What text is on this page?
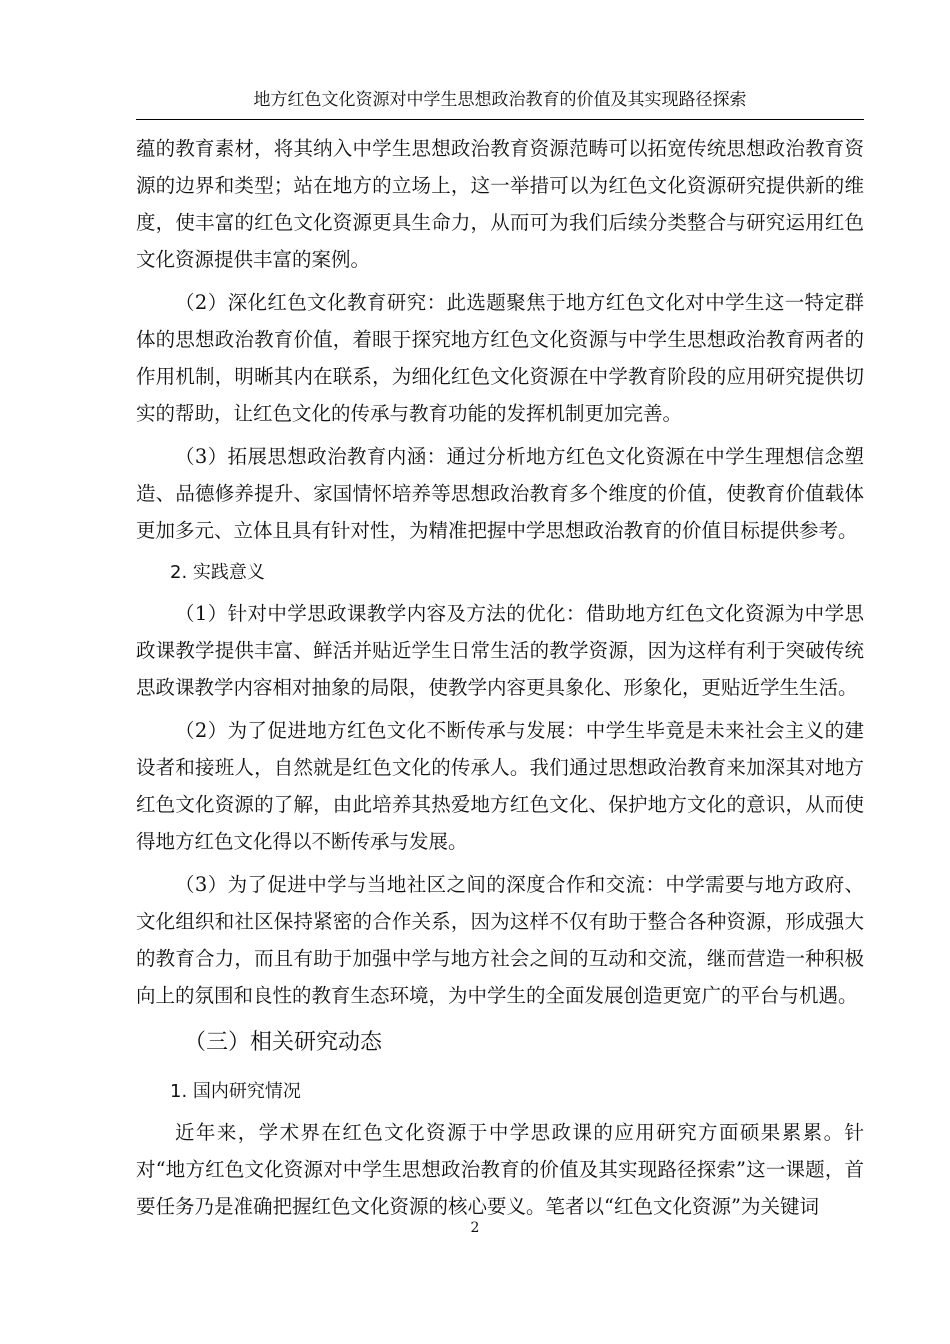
地方红色文化资源对中学生思想政治教育的价值及其实现路径探索

蕴的教育素材，将其纳入中学生思想政治教育资源范畴可以拓宽传统思想政治教育资源的边界和类型；站在地方的立场上，这一举措可以为红色文化资源研究提供新的维度，使丰富的红色文化资源更具生命力，从而可为我们后续分类整合与研究运用红色文化资源提供丰富的案例。

（2）深化红色文化教育研究：此选题聚焦于地方红色文化对中学生这一特定群体的思想政治教育价值，着眼于探究地方红色文化资源与中学生思想政治教育两者的作用机制，明晰其内在联系，为细化红色文化资源在中学教育阶段的应用研究提供切实的帮助，让红色文化的传承与教育功能的发挥机制更加完善。

（3）拓展思想政治教育内涵：通过分析地方红色文化资源在中学生理想信念塑造、品德修养提升、家国情怀培养等思想政治教育多个维度的价值，使教育价值载体更加多元、立体且具有针对性，为精准把握中学思想政治教育的价值目标提供参考。

2. 实践意义

（1）针对中学思政课教学内容及方法的优化：借助地方红色文化资源为中学思政课教学提供丰富、鲜活并贴近学生日常生活的教学资源，因为这样有利于突破传统思政课教学内容相对抽象的局限，使教学内容更具象化、形象化，更贴近学生生活。

（2）为了促进地方红色文化不断传承与发展：中学生毕竟是未来社会主义的建设者和接班人，自然就是红色文化的传承人。我们通过思想政治教育来加深其对地方红色文化资源的了解，由此培养其热爱地方红色文化、保护地方文化的意识，从而使得地方红色文化得以不断传承与发展。

（3）为了促进中学与当地社区之间的深度合作和交流：中学需要与地方政府、文化组织和社区保持紧密的合作关系，因为这样不仅有助于整合各种资源，形成强大的教育合力，而且有助于加强中学与地方社会之间的互动和交流，继而营造一种积极向上的氛围和良性的教育生态环境，为中学生的全面发展创造更宽广的平台与机遇。

（三）相关研究动态
1. 国内研究情况

近年来，学术界在红色文化资源于中学思政课的应用研究方面硕果累累。针对“地方红色文化资源对中学生思想政治教育的价值及其实现路径探索”这一课题，首要任务乃是准确把握红色文化资源的核心要义。笔者以“红色文化资源”为关键词

2
